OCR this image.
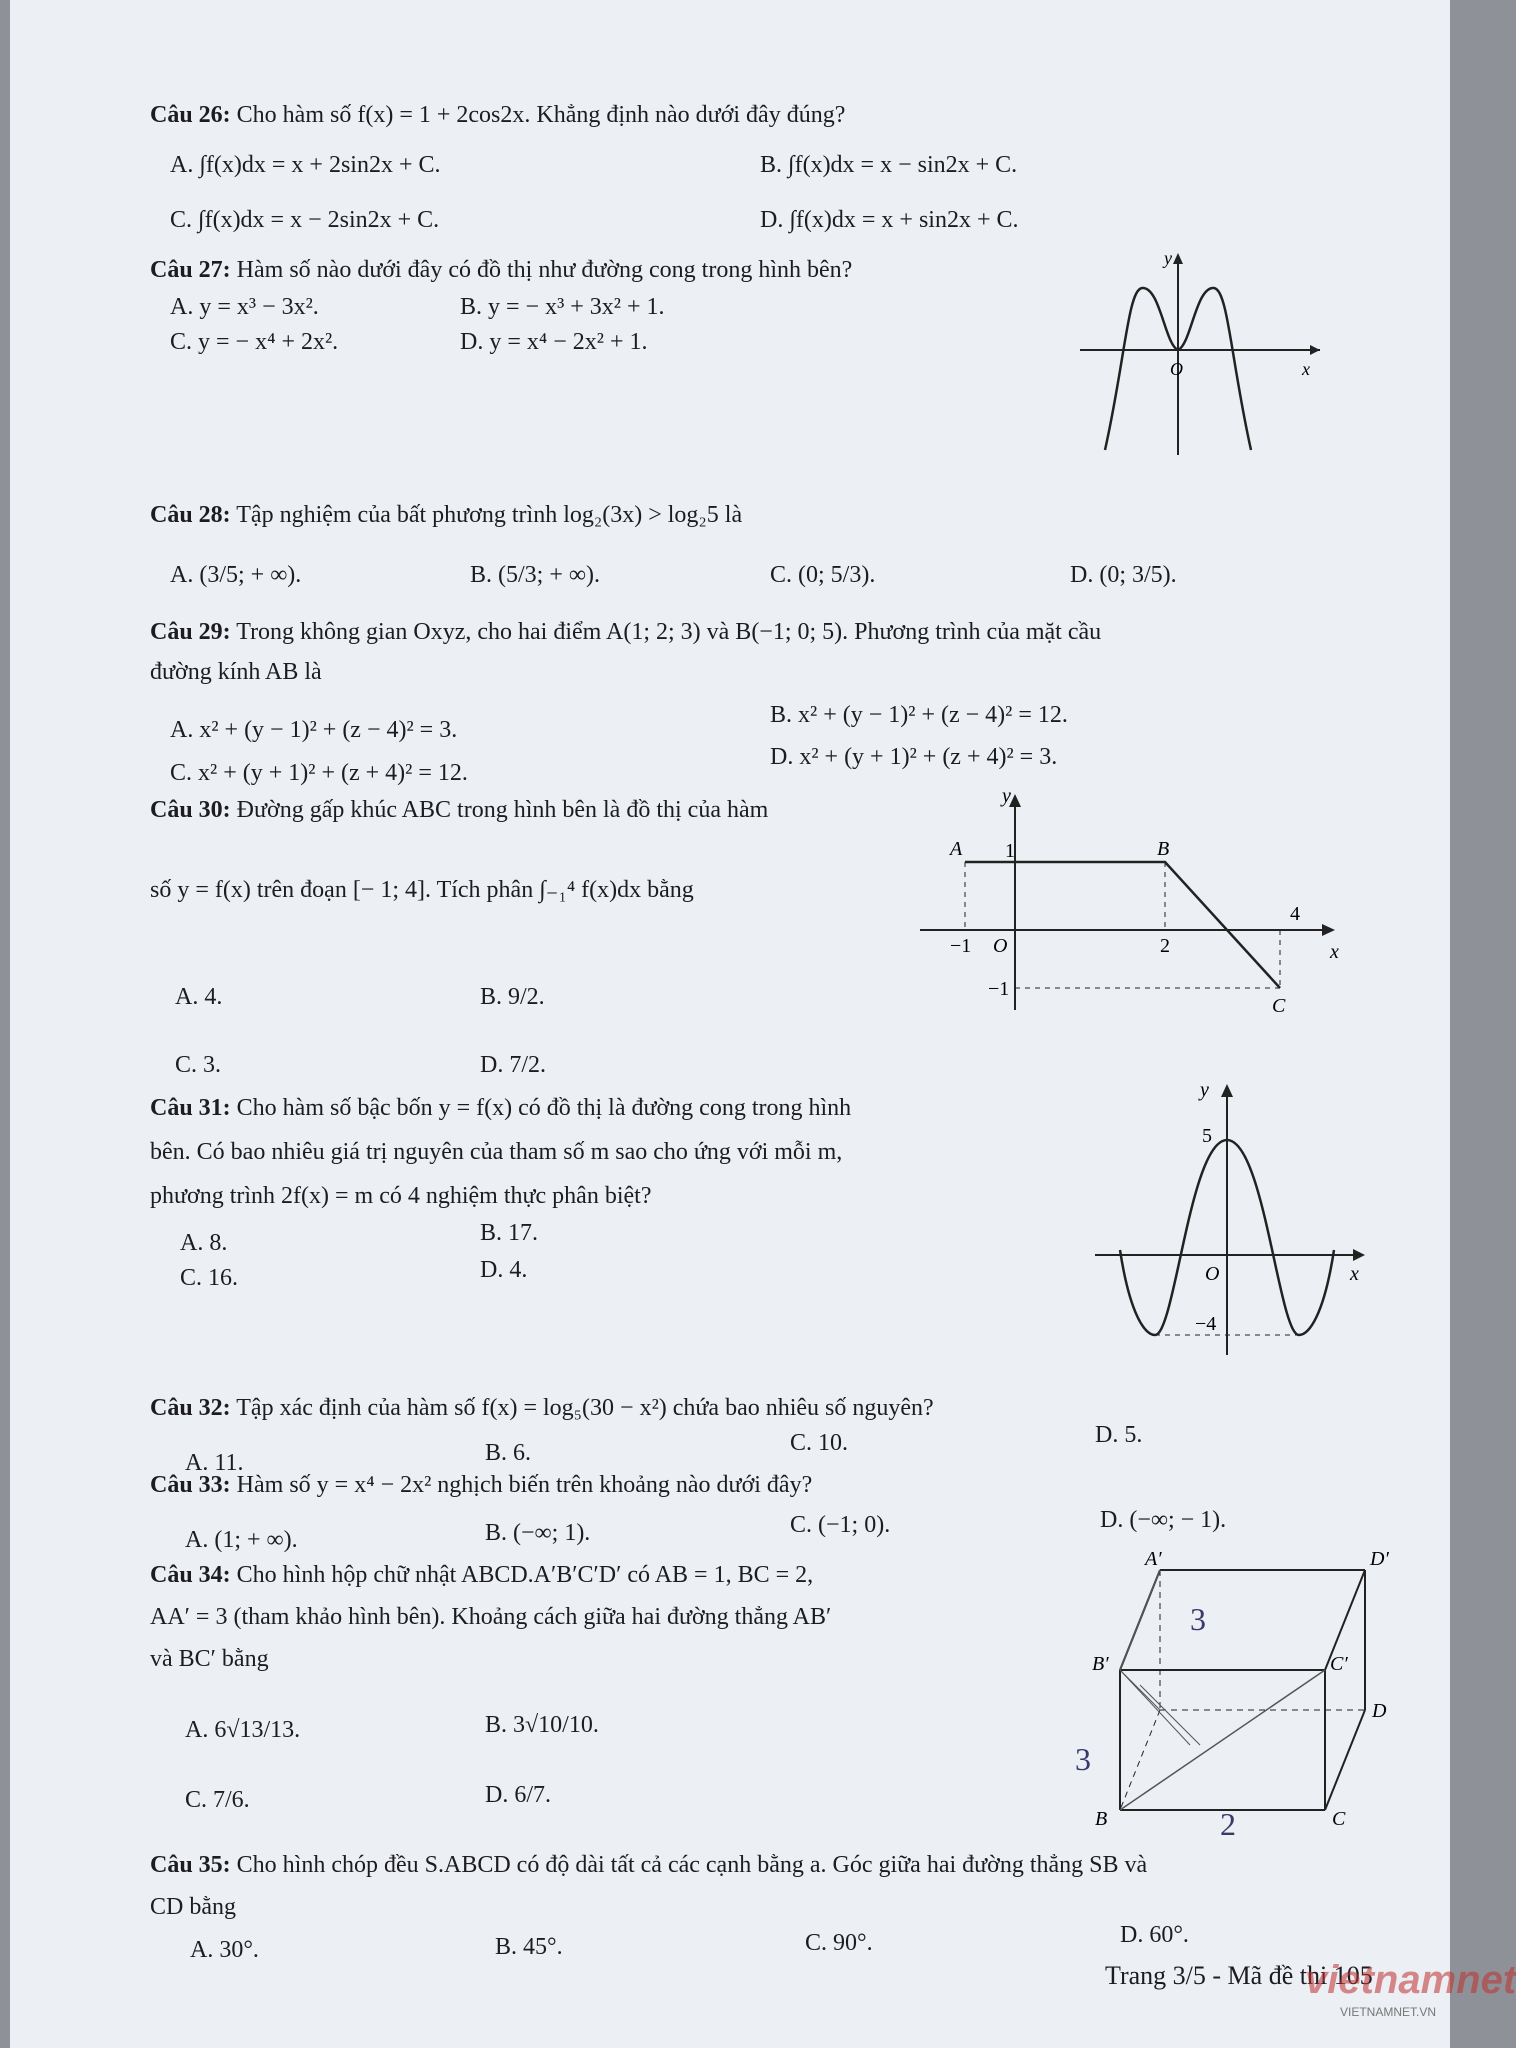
Câu 26: Cho hàm số f(x) = 1 + 2cos2x. Khẳng định nào dưới đây đúng?
A. ∫f(x)dx = x + 2sin2x + C.	B. ∫f(x)dx = x − sin2x + C.
C. ∫f(x)dx = x − 2sin2x + C.	D. ∫f(x)dx = x + sin2x + C.
Câu 27: Hàm số nào dưới đây có đồ thị như đường cong trong hình bên?
A. y = x³ − 3x².	B. y = − x³ + 3x² + 1.
C. y = − x⁴ + 2x².	D. y = x⁴ − 2x² + 1.
y
x
O
Câu 28: Tập nghiệm của bất phương trình log₂(3x) > log₂5 là
A. (3/5; + ∞).	B. (5/3; + ∞).	C. (0; 5/3).	D. (0; 3/5).
Câu 29: Trong không gian Oxyz, cho hai điểm A(1; 2; 3) và B(−1; 0; 5). Phương trình của mặt cầu
đường kính AB là
A. x² + (y − 1)² + (z − 4)² = 3.
B. x² + (y − 1)² + (z − 4)² = 12.
C. x² + (y + 1)² + (z + 4)² = 12.
D. x² + (y + 1)² + (z + 4)² = 3.
Câu 30: Đường gấp khúc ABC trong hình bên là đồ thị của hàm
số y = f(x) trên đoạn [− 1; 4]. Tích phân ∫₋₁⁴ f(x)dx bằng
A. 4.	B. 9/2.
C. 3.	D. 7/2.
y
x
O
A	B
C
1
−1	2
4
−1
Câu 31: Cho hàm số bậc bốn y = f(x) có đồ thị là đường cong trong hình
bên. Có bao nhiêu giá trị nguyên của tham số m sao cho ứng với mỗi m,
phương trình 2f(x) = m có 4 nghiệm thực phân biệt?
A. 8.	B. 17.
C. 16.	D. 4.
y
x
O
5
−4
Câu 32: Tập xác định của hàm số f(x) = log₅(30 − x²) chứa bao nhiêu số nguyên?
A. 11.	B. 6.	C. 10.	D. 5.
Câu 33: Hàm số y = x⁴ − 2x² nghịch biến trên khoảng nào dưới đây?
A. (1; + ∞).	B. (−∞; 1).	C. (−1; 0).	D. (−∞; − 1).
Câu 34: Cho hình hộp chữ nhật ABCD.A′B′C′D′ có AB = 1, BC = 2,
AA′ = 3 (tham khảo hình bên). Khoảng cách giữa hai đường thẳng AB′
và BC′ bằng
A. 6√13/13.	B. 3√10/10.
C. 7/6.	D. 6/7.
A′	D′
B′	C′
D
B	C
3
2
3
Câu 35: Cho hình chóp đều S.ABCD có độ dài tất cả các cạnh bằng a. Góc giữa hai đường thẳng SB và
CD bằng
A. 30°.	B. 45°.	C. 90°.	D. 60°.
Trang 3/5 - Mã đề thi 105
vietnamnet
VIETNAMNET.VN
